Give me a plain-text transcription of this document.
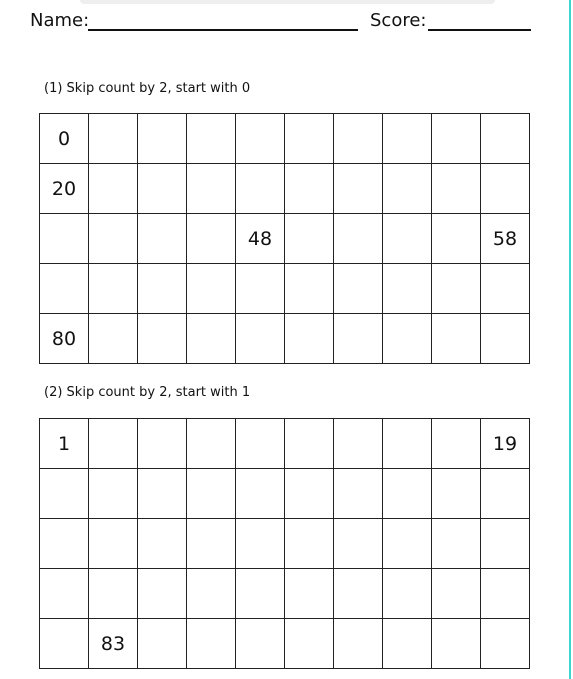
Name:	Score:
(1) Skip count by 2, start with 0
0									
20									
				48					58

80									
(2) Skip count by 2, start with 1
1									19

	83								
